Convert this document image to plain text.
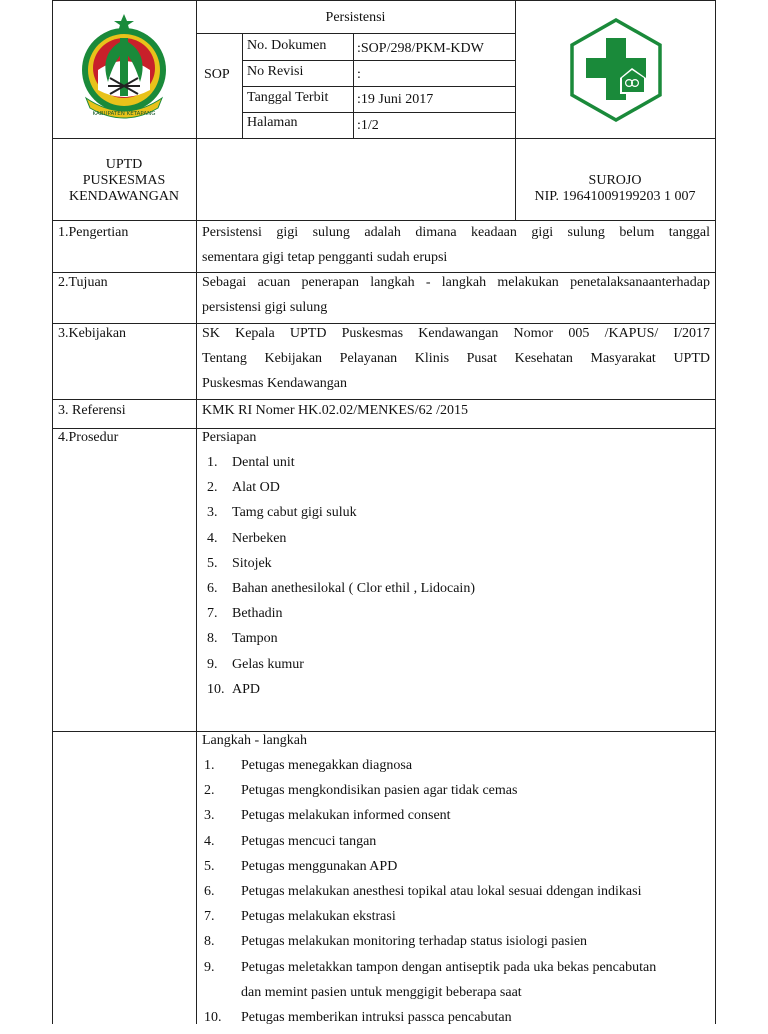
KABUPATEN KETAPANG
Persistensi
SOP
No. Dokumen :SOP/298/PKM-KDW
No Revisi	:
Tanggal Terbit :19 Juni 2017
Halaman	:1/2
UPTD
PUSKESMAS
KENDAWANGAN
SUROJO
NIP. 19641009199203 1 007
1.Pengertian	Persistensi gigi sulung adalah dimana keadaan gigi sulung belum tanggal
sementara gigi tetap pengganti sudah erupsi
2.Tujuan	Sebagai acuan penerapan langkah - langkah melakukan penetalaksanaanterhadap
persistensi gigi sulung
3.Kebijakan	SK Kepala UPTD Puskesmas Kendawangan Nomor 005 /KAPUS/ I/2017
Tentang Kebijakan Pelayanan Klinis Pusat Kesehatan Masyarakat UPTD
Puskesmas Kendawangan
3. Referensi	KMK RI Nomer HK.02.02/MENKES/62 /2015
4.Prosedur	Persiapan
1. Dental unit
2. Alat OD
3. Tamg cabut gigi suluk
4. Nerbeken
5. Sitojek
6. Bahan anethesilokal ( Clor ethil , Lidocain)
7. Bethadin
8. Tampon
9. Gelas kumur
10. APD
Langkah - langkah
1. Petugas menegakkan diagnosa
2. Petugas mengkondisikan pasien agar tidak cemas
3. Petugas melakukan informed consent
4. Petugas mencuci tangan
5. Petugas menggunakan APD
6. Petugas melakukan anesthesi topikal atau lokal sesuai ddengan indikasi
7. Petugas melakukan ekstrasi
8. Petugas melakukan monitoring terhadap status isiologi pasien
9. Petugas meletakkan tampon dengan antiseptik pada uka bekas pencabutan
dan memint pasien untuk menggigit beberapa saat
10. Petugas memberikan intruksi passca pencabutan
